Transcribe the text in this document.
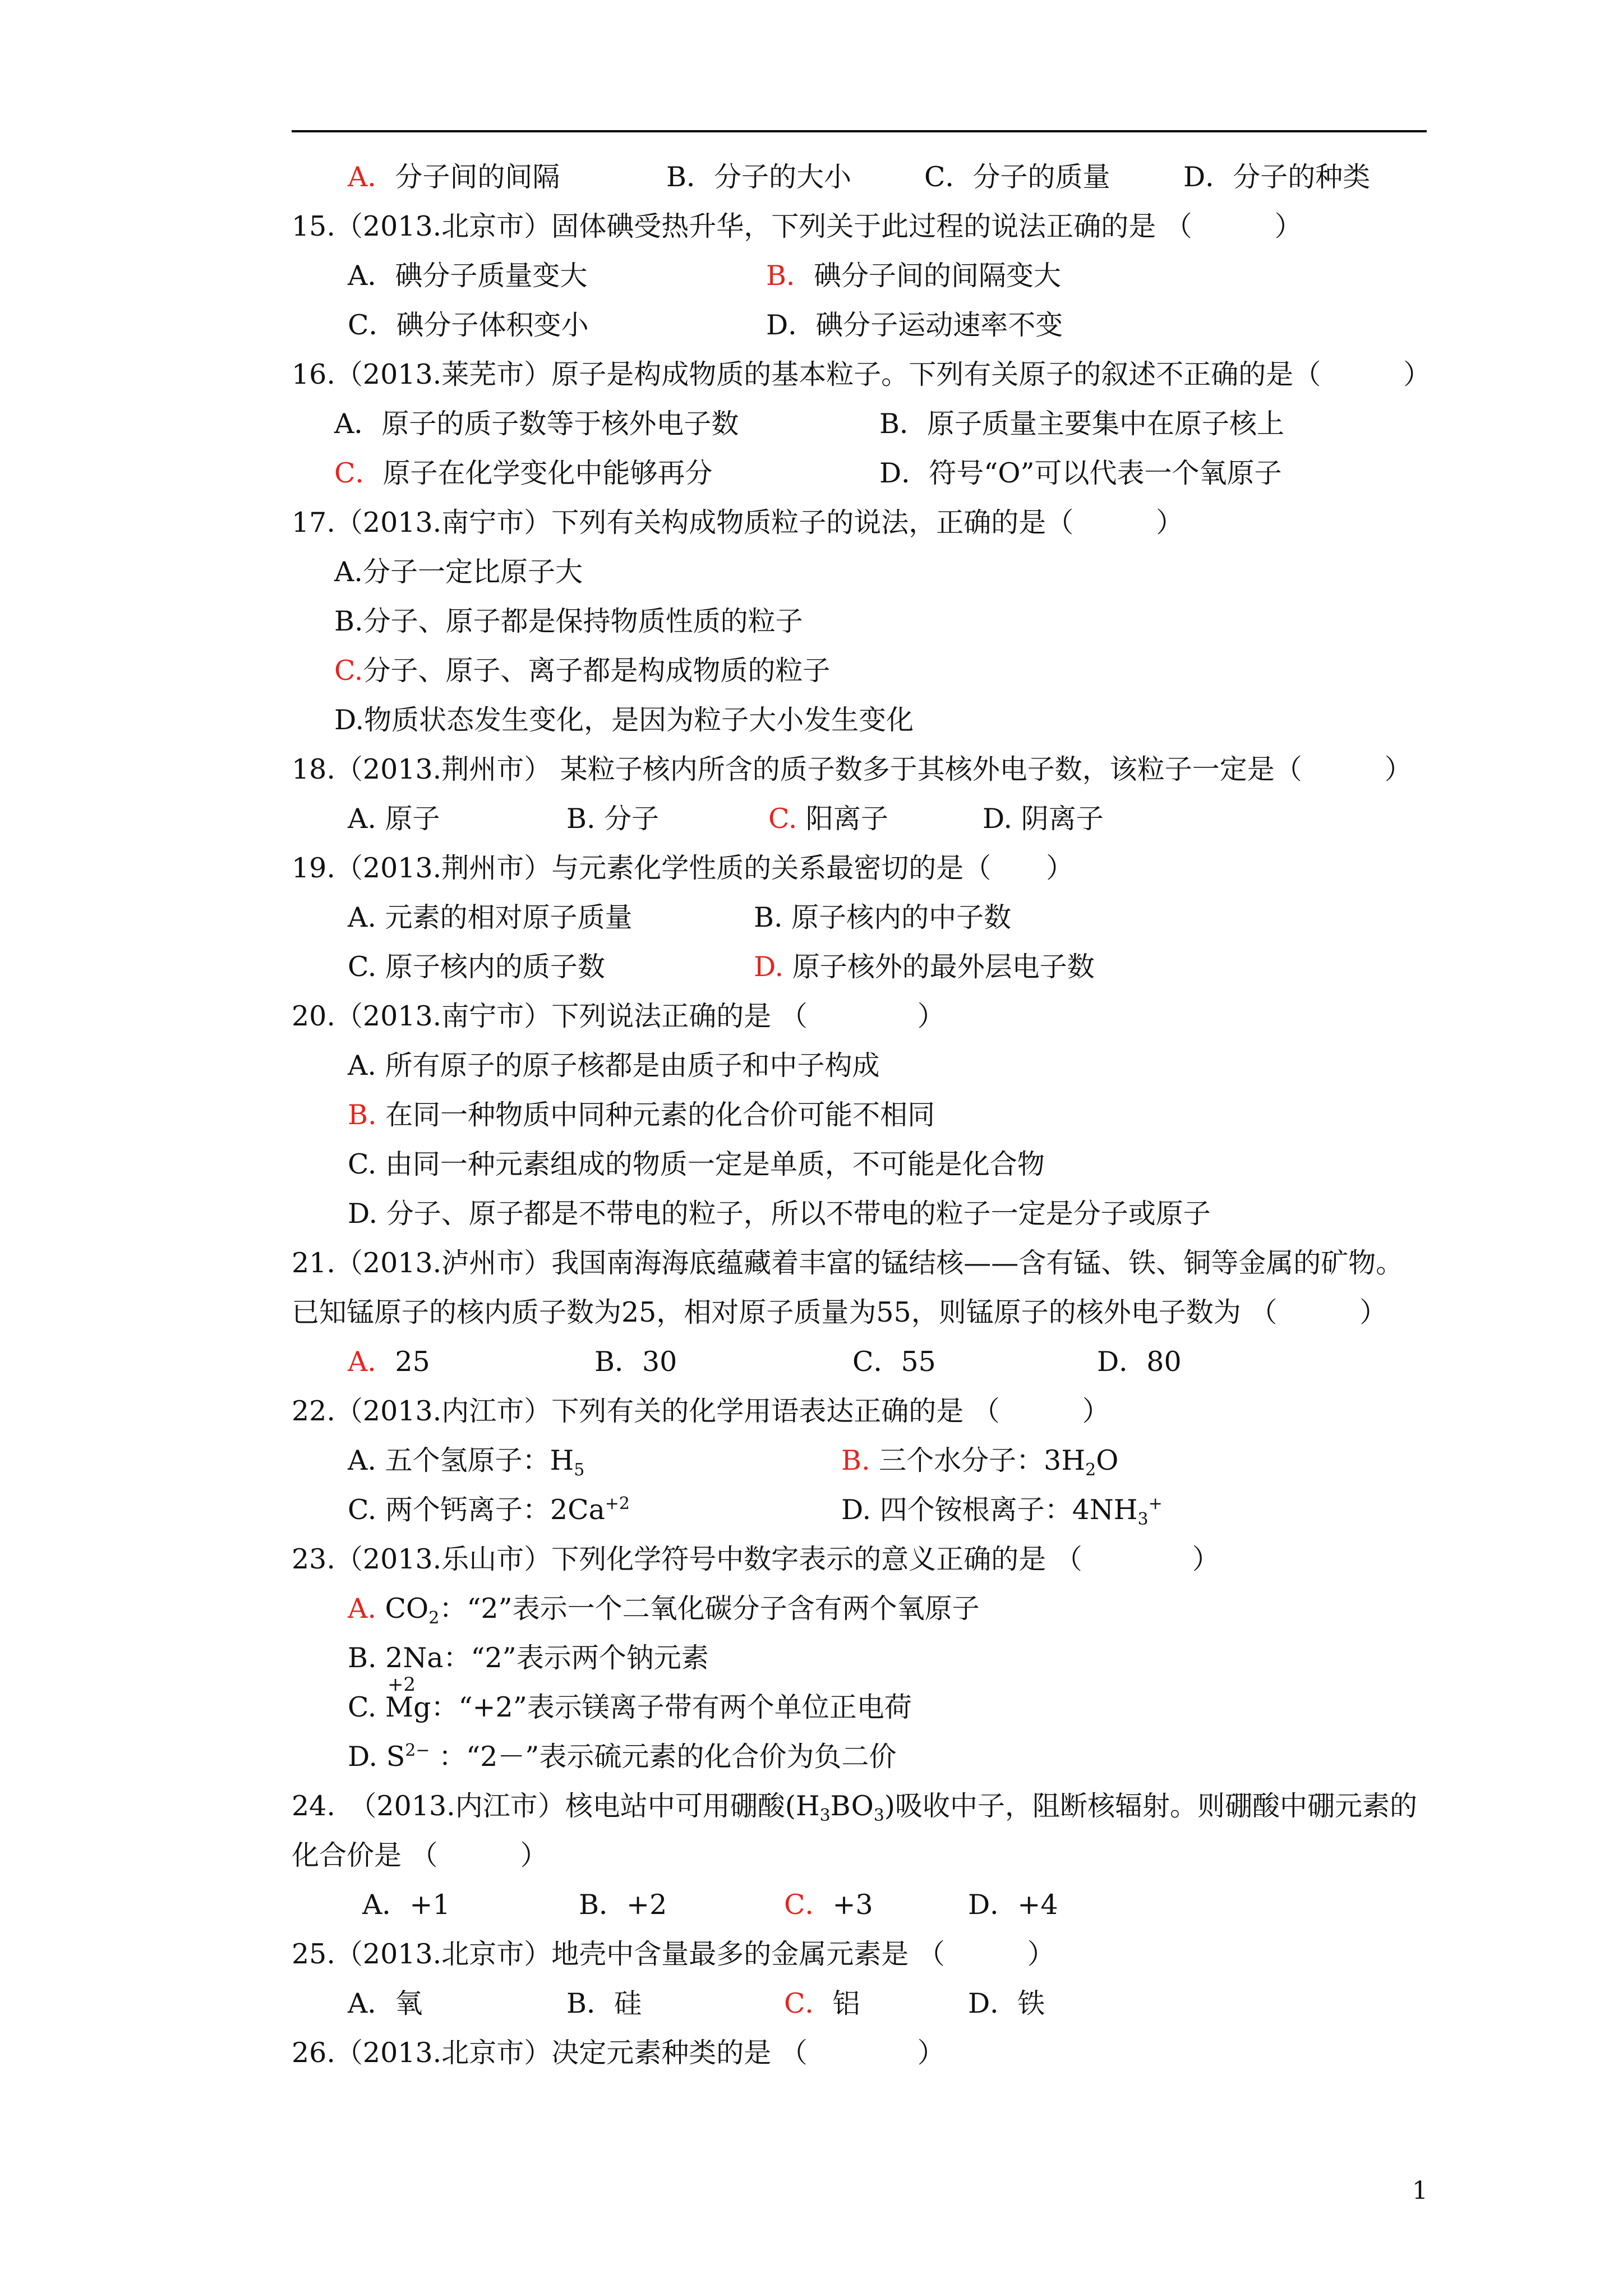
A．分子间的间隔	B．分子的大小	C．分子的质量	D．分子的种类
15.（2013.北京市）固体碘受热升华，下列关于此过程的说法正确的是 （　　　）
A．碘分子质量变大	B．碘分子间的间隔变大
C．碘分子体积变小	D．碘分子运动速率不变
16.（2013.莱芜市）原子是构成物质的基本粒子。下列有关原子的叙述不正确的是（　　　）
A．原子的质子数等于核外电子数	B．原子质量主要集中在原子核上
C．原子在化学变化中能够再分	D．符号“O”可以代表一个氧原子
17.（2013.南宁市）下列有关构成物质粒子的说法，正确的是（　　　）
A.分子一定比原子大
B.分子、原子都是保持物质性质的粒子
C.分子、原子、离子都是构成物质的粒子
D.物质状态发生变化，是因为粒子大小发生变化
18.（2013.荆州市） 某粒子核内所含的质子数多于其核外电子数，该粒子一定是（　　　）
A. 原子	B. 分子	C. 阳离子	D. 阴离子
19.（2013.荆州市）与元素化学性质的关系最密切的是（　　）
A. 元素的相对原子质量	B. 原子核内的中子数
C. 原子核内的质子数	D. 原子核外的最外层电子数
20.（2013.南宁市）下列说法正确的是 （　　　　）
A. 所有原子的原子核都是由质子和中子构成
B. 在同一种物质中同种元素的化合价可能不相同
C. 由同一种元素组成的物质一定是单质，不可能是化合物
D. 分子、原子都是不带电的粒子，所以不带电的粒子一定是分子或原子
21.（2013.泸州市）我国南海海底蕴藏着丰富的锰结核——含有锰、铁、铜等金属的矿物。
已知锰原子的核内质子数为25，相对原子质量为55，则锰原子的核外电子数为 （　　　）
A．25	B．30	C．55	D．80
22.（2013.内江市）下列有关的化学用语表达正确的是 （　　　）
A. 五个氢原子：$H_5$	B. 三个水分子：$3H_2O$
C. 两个钙离子：$2Ca^{+2}$	D. 四个铵根离子：$4NH_3^+$
23.（2013.乐山市）下列化学符号中数字表示的意义正确的是 （　　　　）
A. $CO_2$：“2”表示一个二氧化碳分子含有两个氧原子
B. 2Na：“2”表示两个钠元素
C.
+2
Mg：“+2”表示镁离子带有两个单位正电荷
D. $S^{2-}$ ：“2－”表示硫元素的化合价为负二价
24.　（2013.内江市）核电站中可用硼酸$(H_3BO_3)$吸收中子，阻断核辐射。则硼酸中硼元素的
化合价是 （　　　）
A．+1	B．+2	C．+3	D．+4
25.（2013.北京市）地壳中含量最多的金属元素是 （　　　）
A．氧	B．硅	C．铝	D．铁
26.（2013.北京市）决定元素种类的是 （　　　　）
1
